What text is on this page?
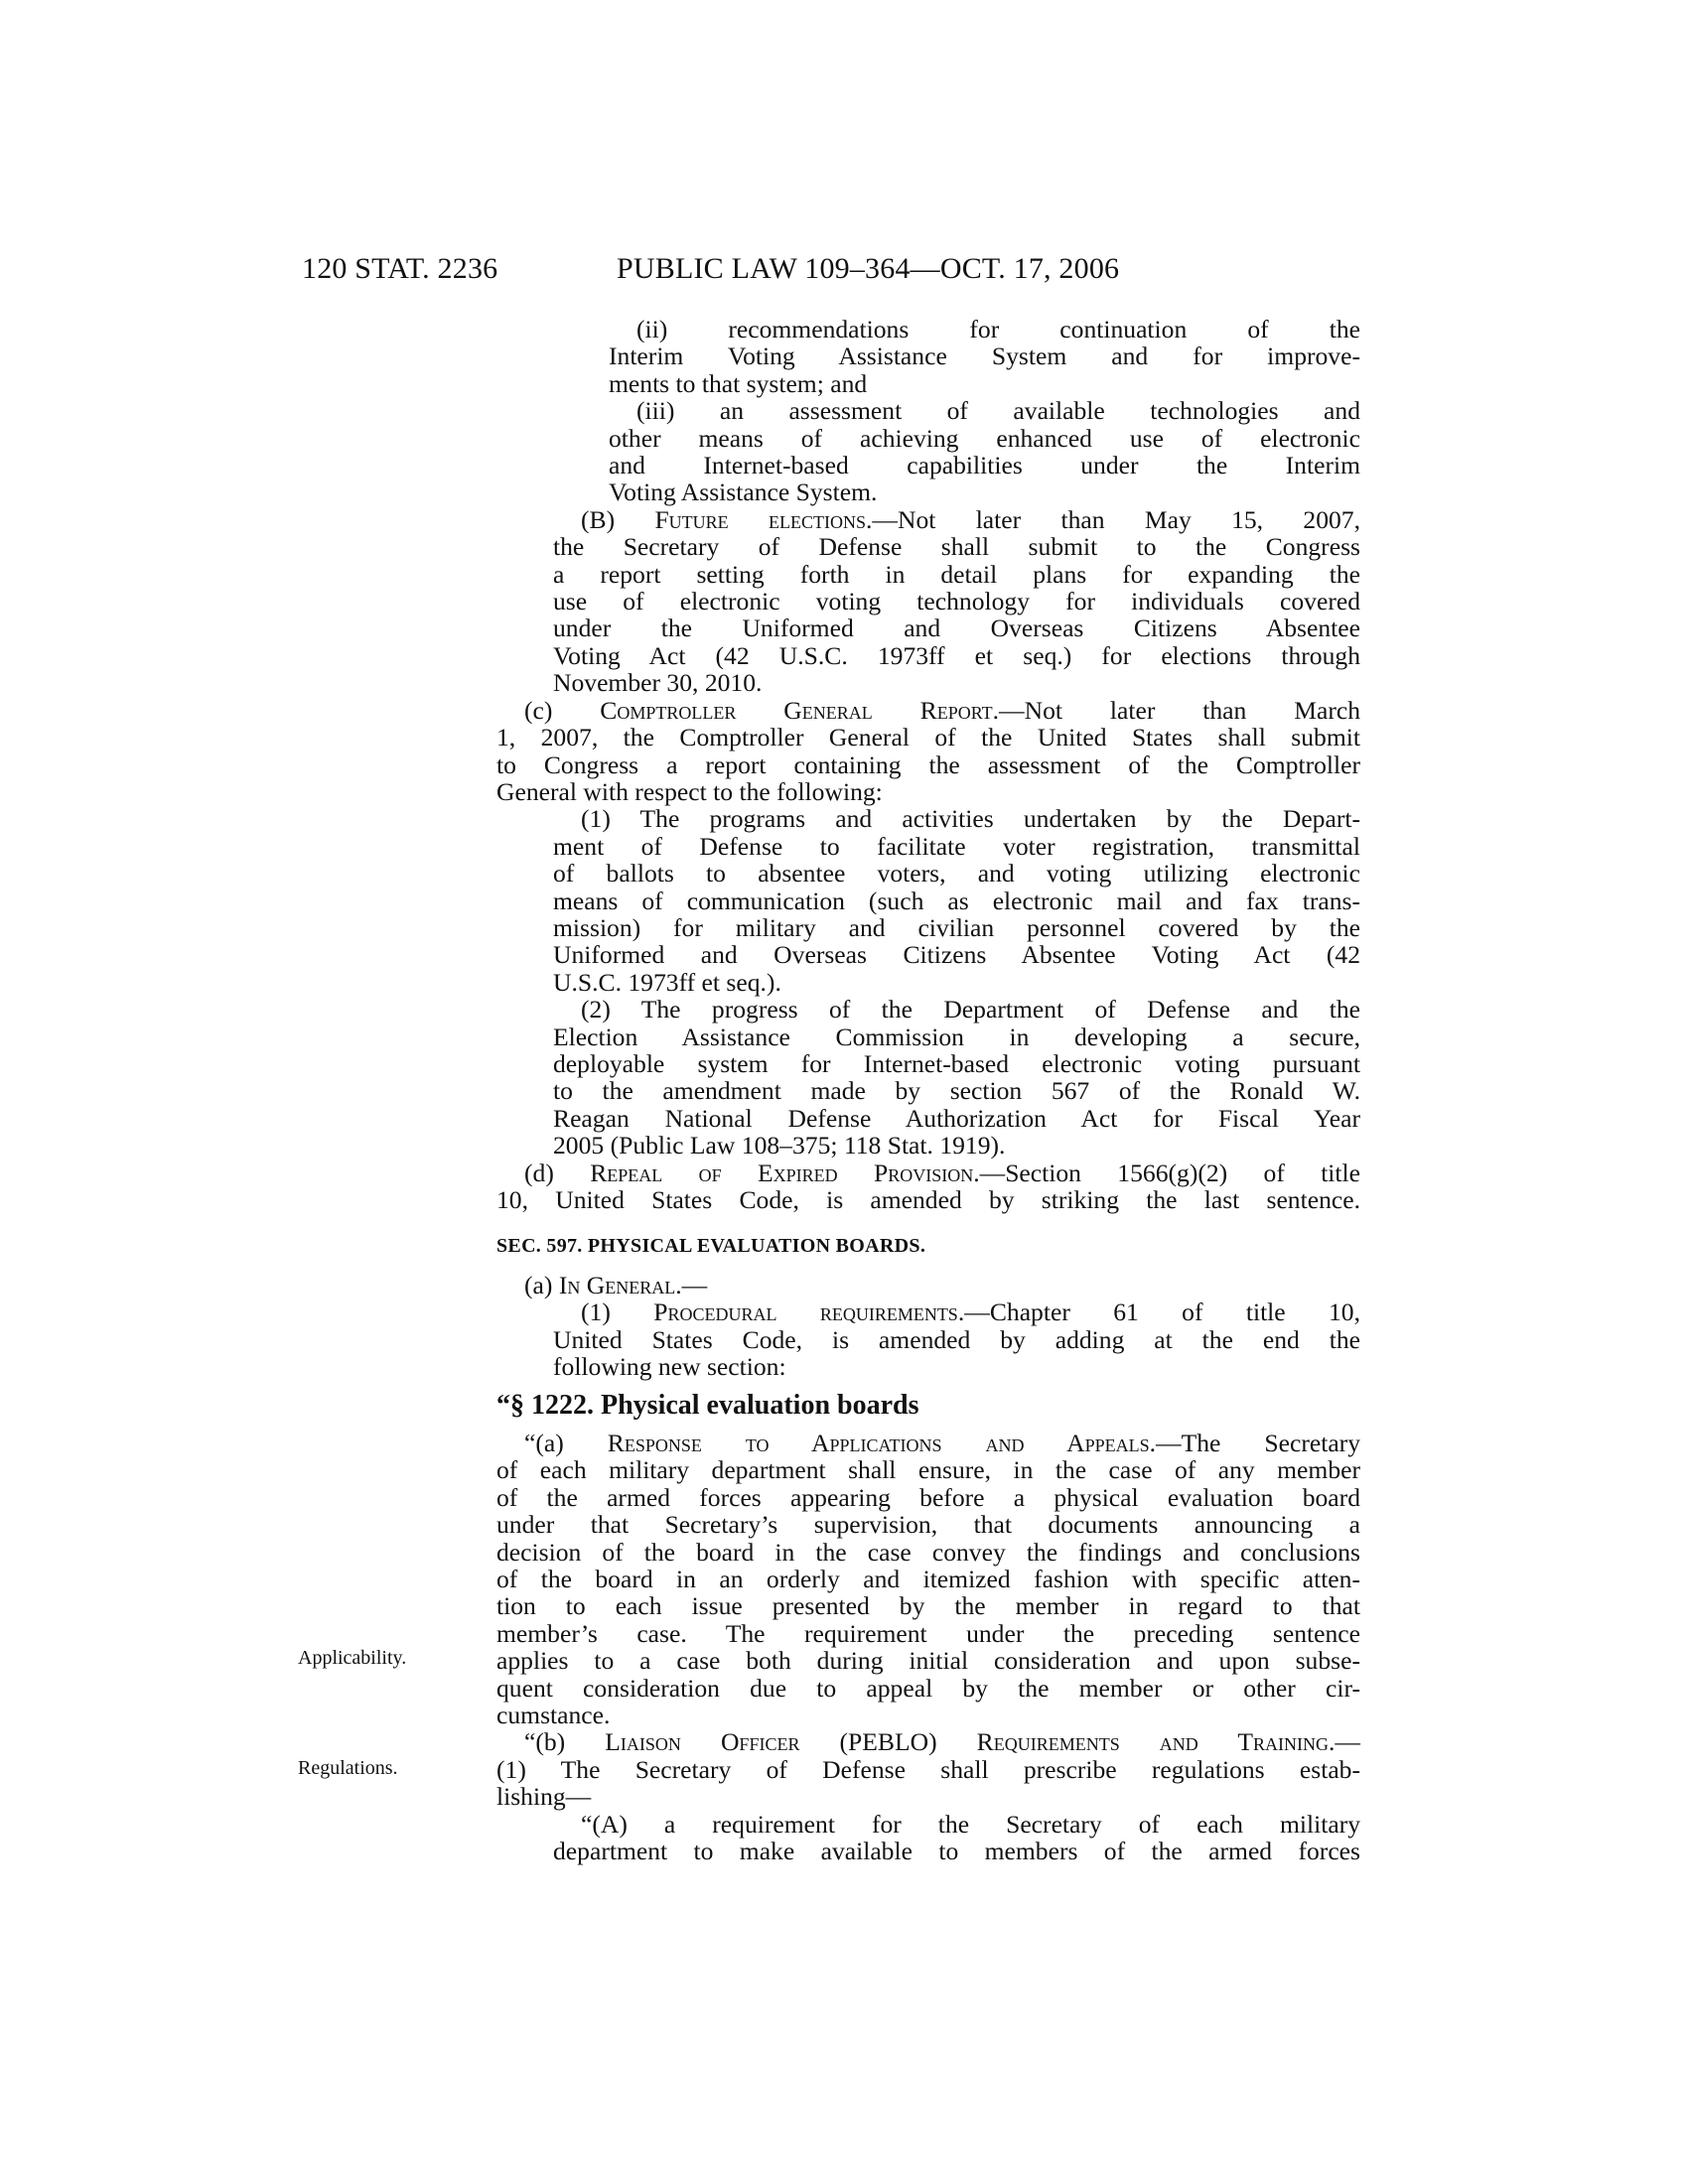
120 STAT. 2236	PUBLIC LAW 109–364—OCT. 17, 2006
(ii) recommendations for continuation of the
Interim Voting Assistance System and for improve-
ments to that system; and
(iii) an assessment of available technologies and
other means of achieving enhanced use of electronic
and Internet-based capabilities under the Interim
Voting Assistance System.
(B) Future elections.—Not later than May 15, 2007,
the Secretary of Defense shall submit to the Congress
a report setting forth in detail plans for expanding the
use of electronic voting technology for individuals covered
under the Uniformed and Overseas Citizens Absentee
Voting Act (42 U.S.C. 1973ff et seq.) for elections through
November 30, 2010.
(c) Comptroller General Report.—Not later than March
1, 2007, the Comptroller General of the United States shall submit
to Congress a report containing the assessment of the Comptroller
General with respect to the following:
(1) The programs and activities undertaken by the Depart-
ment of Defense to facilitate voter registration, transmittal
of ballots to absentee voters, and voting utilizing electronic
means of communication (such as electronic mail and fax trans-
mission) for military and civilian personnel covered by the
Uniformed and Overseas Citizens Absentee Voting Act (42
U.S.C. 1973ff et seq.).
(2) The progress of the Department of Defense and the
Election Assistance Commission in developing a secure,
deployable system for Internet-based electronic voting pursuant
to the amendment made by section 567 of the Ronald W.
Reagan National Defense Authorization Act for Fiscal Year
2005 (Public Law 108–375; 118 Stat. 1919).
(d) Repeal of Expired Provision.—Section 1566(g)(2) of title
10, United States Code, is amended by striking the last sentence.
SEC. 597. PHYSICAL EVALUATION BOARDS.
(a) In General.—
(1) Procedural requirements.—Chapter 61 of title 10,
United States Code, is amended by adding at the end the
following new section:
“§ 1222. Physical evaluation boards
“(a) Response to Applications and Appeals.—The Secretary
of each military department shall ensure, in the case of any member
of the armed forces appearing before a physical evaluation board
under that Secretary’s supervision, that documents announcing a
decision of the board in the case convey the findings and conclusions
of the board in an orderly and itemized fashion with specific atten-
tion to each issue presented by the member in regard to that
member’s case. The requirement under the preceding sentence
applies to a case both during initial consideration and upon subse-
quent consideration due to appeal by the member or other cir-
cumstance.
“(b) Liaison Officer (PEBLO) Requirements and Training.—
(1) The Secretary of Defense shall prescribe regulations estab-
lishing—
“(A) a requirement for the Secretary of each military
department to make available to members of the armed forces
Applicability.
Regulations.
